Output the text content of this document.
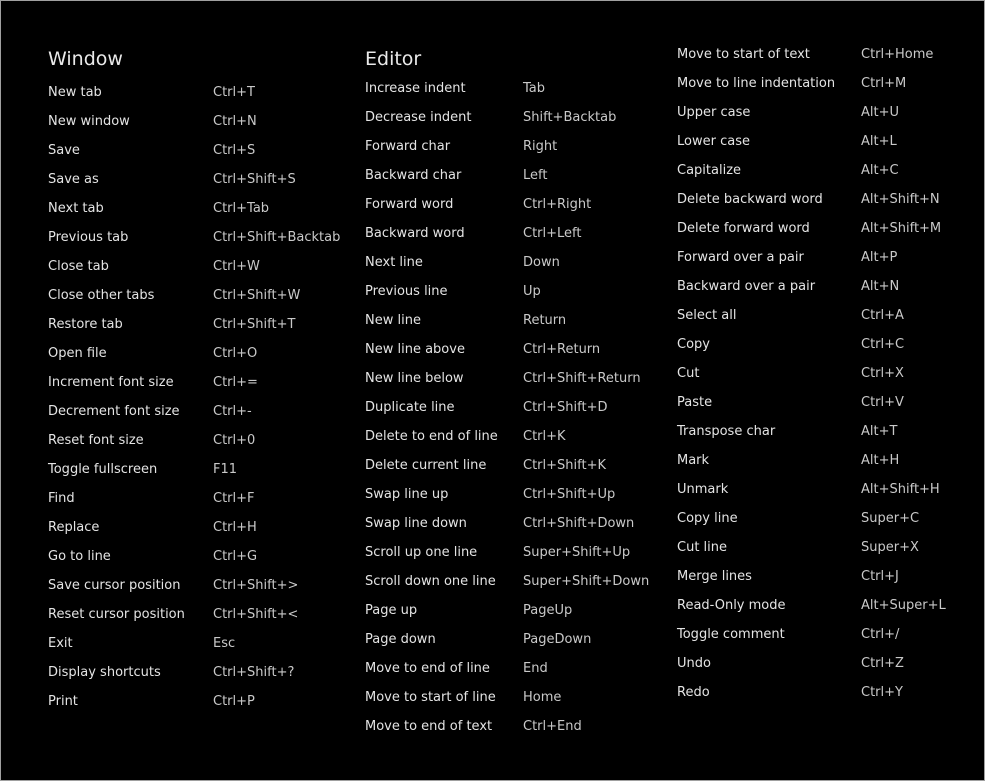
Window
New tab	Ctrl+T
New window	Ctrl+N
Save	Ctrl+S
Save as	Ctrl+Shift+S
Next tab	Ctrl+Tab
Previous tab	Ctrl+Shift+Backtab
Close tab	Ctrl+W
Close other tabs	Ctrl+Shift+W
Restore tab	Ctrl+Shift+T
Open file	Ctrl+O
Increment font size	Ctrl+=
Decrement font size	Ctrl+-
Reset font size	Ctrl+0
Toggle fullscreen	F11
Find	Ctrl+F
Replace	Ctrl+H
Go to line	Ctrl+G
Save cursor position	Ctrl+Shift+>
Reset cursor position Ctrl+Shift+<
Exit	Esc
Display shortcuts	Ctrl+Shift+?
Print	Ctrl+P
Editor
Increase indent	Tab
Decrease indent	Shift+Backtab
Forward char	Right
Backward char	Left
Forward word	Ctrl+Right
Backward word	Ctrl+Left
Next line	Down
Previous line	Up
New line	Return
New line above	Ctrl+Return
New line below	Ctrl+Shift+Return
Duplicate line	Ctrl+Shift+D
Delete to end of line Ctrl+K
Delete current line	Ctrl+Shift+K
Swap line up	Ctrl+Shift+Up
Swap line down	Ctrl+Shift+Down
Scroll up one line	Super+Shift+Up
Scroll down one line Super+Shift+Down
Page up	PageUp
Page down	PageDown
Move to end of line	End
Move to start of line Home
Move to end of text Ctrl+End
Move to start of text	Ctrl+Home
Move to line indentation Ctrl+M
Upper case	Alt+U
Lower case	Alt+L
Capitalize	Alt+C
Delete backward word	Alt+Shift+N
Delete forward word	Alt+Shift+M
Forward over a pair	Alt+P
Backward over a pair	Alt+N
Select all	Ctrl+A
Copy	Ctrl+C
Cut	Ctrl+X
Paste	Ctrl+V
Transpose char	Alt+T
Mark	Alt+H
Unmark	Alt+Shift+H
Copy line	Super+C
Cut line	Super+X
Merge lines	Ctrl+J
Read-Only mode	Alt+Super+L
Toggle comment	Ctrl+/
Undo	Ctrl+Z
Redo	Ctrl+Y
